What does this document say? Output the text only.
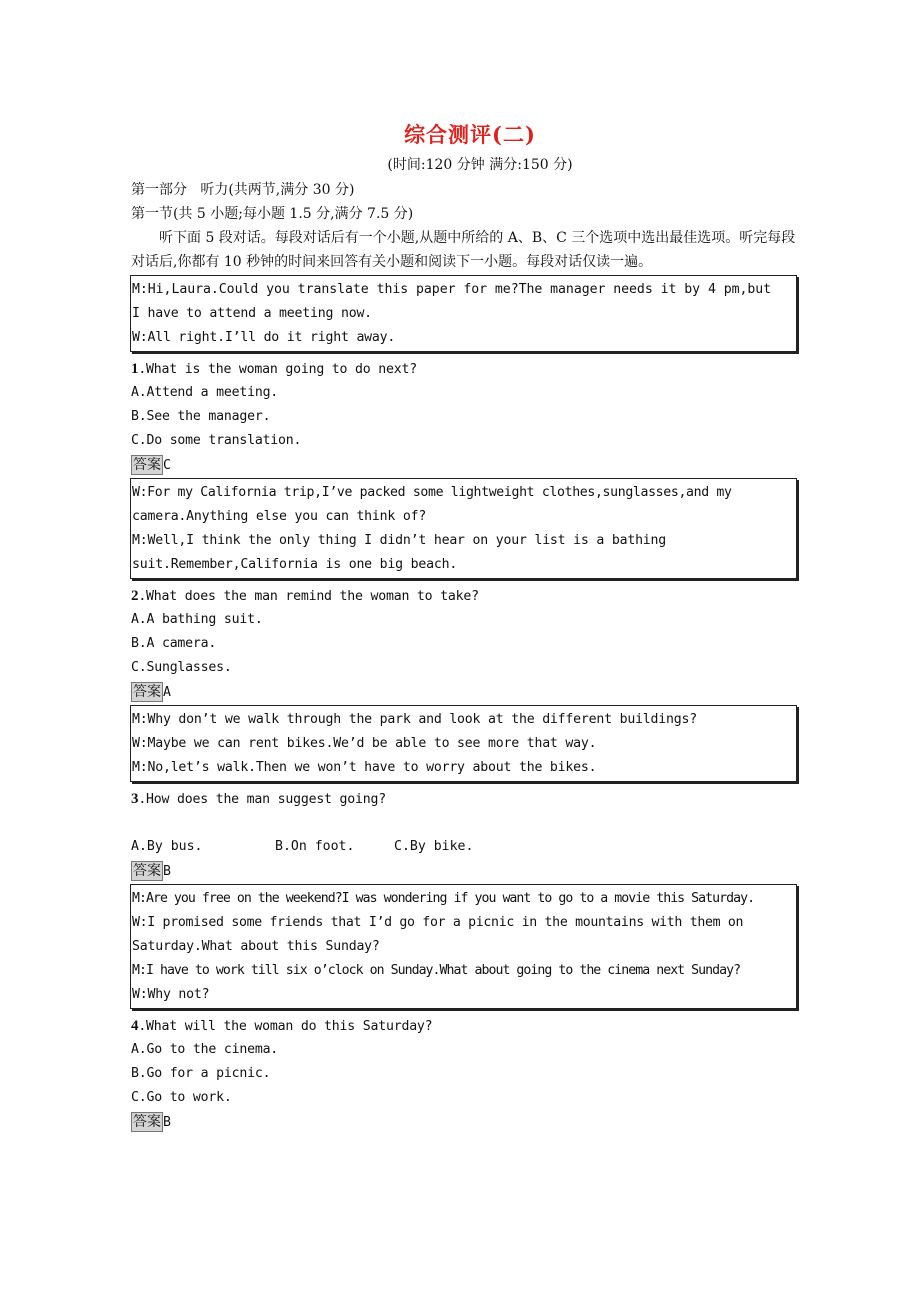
综合测评(二)
(时间:120 分钟 满分:150 分)
第一部分   听力(共两节,满分 30 分)
第一节(共 5 小题;每小题 1.5 分,满分 7.5 分)
听下面 5 段对话。每段对话后有一个小题,从题中所给的 A、B、C 三个选项中选出最佳选项。听完每段对话后,你都有 10 秒钟的时间来回答有关小题和阅读下一小题。每段对话仅读一遍。
M:Hi,Laura.Could you translate this paper for me?The manager needs it by 4 pm,but
I have to attend a meeting now.
W:All right.I’ll do it right away.
1.What is the woman going to do next?
A.Attend a meeting.
B.See the manager.
C.Do some translation.
答案 C
W:For my California trip,I’ve packed some lightweight clothes,sunglasses,and my
camera.Anything else you can think of?
M:Well,I think the only thing I didn’t hear on your list is a bathing
suit.Remember,California is one big beach.
2.What does the man remind the woman to take?
A.A bathing suit.
B.A camera.
C.Sunglasses.
答案 A
M:Why don’t we walk through the park and look at the different buildings?
W:Maybe we can rent bikes.We’d be able to see more that way.
M:No,let’s walk.Then we won’t have to worry about the bikes.
3.How does the man suggest going?
A.By bus.	B.On foot.	C.By bike.
答案 B
M:Are you free on the weekend?I was wondering if you want to go to a movie this Saturday.
W:I promised some friends that I’d go for a picnic in the mountains with them on
Saturday.What about this Sunday?
M:I have to work till six o’clock on Sunday.What about going to the cinema next Sunday?
W:Why not?
4.What will the woman do this Saturday?
A.Go to the cinema.
B.Go for a picnic.
C.Go to work.
答案 B
